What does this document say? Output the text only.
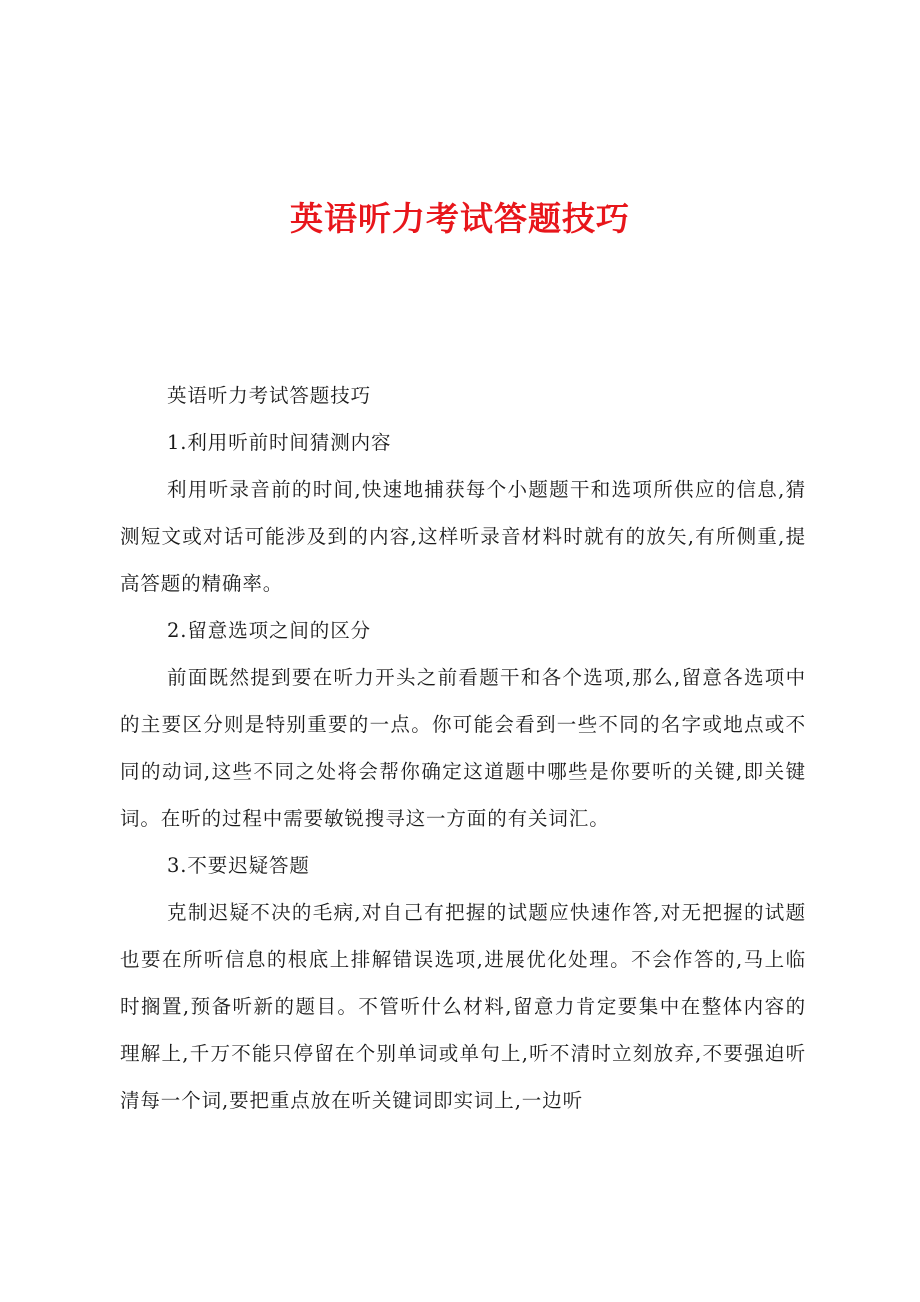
英语听力考试答题技巧

英语听力考试答题技巧

1.利用听前时间猜测内容

利用听录音前的时间,快速地捕获每个小题题干和选项所供应的信息,猜测短文或对话可能涉及到的内容,这样听录音材料时就有的放矢,有所侧重,提高答题的精确率。

2.留意选项之间的区分

前面既然提到要在听力开头之前看题干和各个选项,那么,留意各选项中的主要区分则是特别重要的一点。你可能会看到一些不同的名字或地点或不同的动词,这些不同之处将会帮你确定这道题中哪些是你要听的关键,即关键词。在听的过程中需要敏锐搜寻这一方面的有关词汇。

3.不要迟疑答题

克制迟疑不决的毛病,对自己有把握的试题应快速作答,对无把握的试题也要在所听信息的根底上排解错误选项,进展优化处理。不会作答的,马上临时搁置,预备听新的题目。不管听什么材料,留意力肯定要集中在整体内容的理解上,千万不能只停留在个别单词或单句上,听不清时立刻放弃,不要强迫听清每一个词,要把重点放在听关键词即实词上,一边听
